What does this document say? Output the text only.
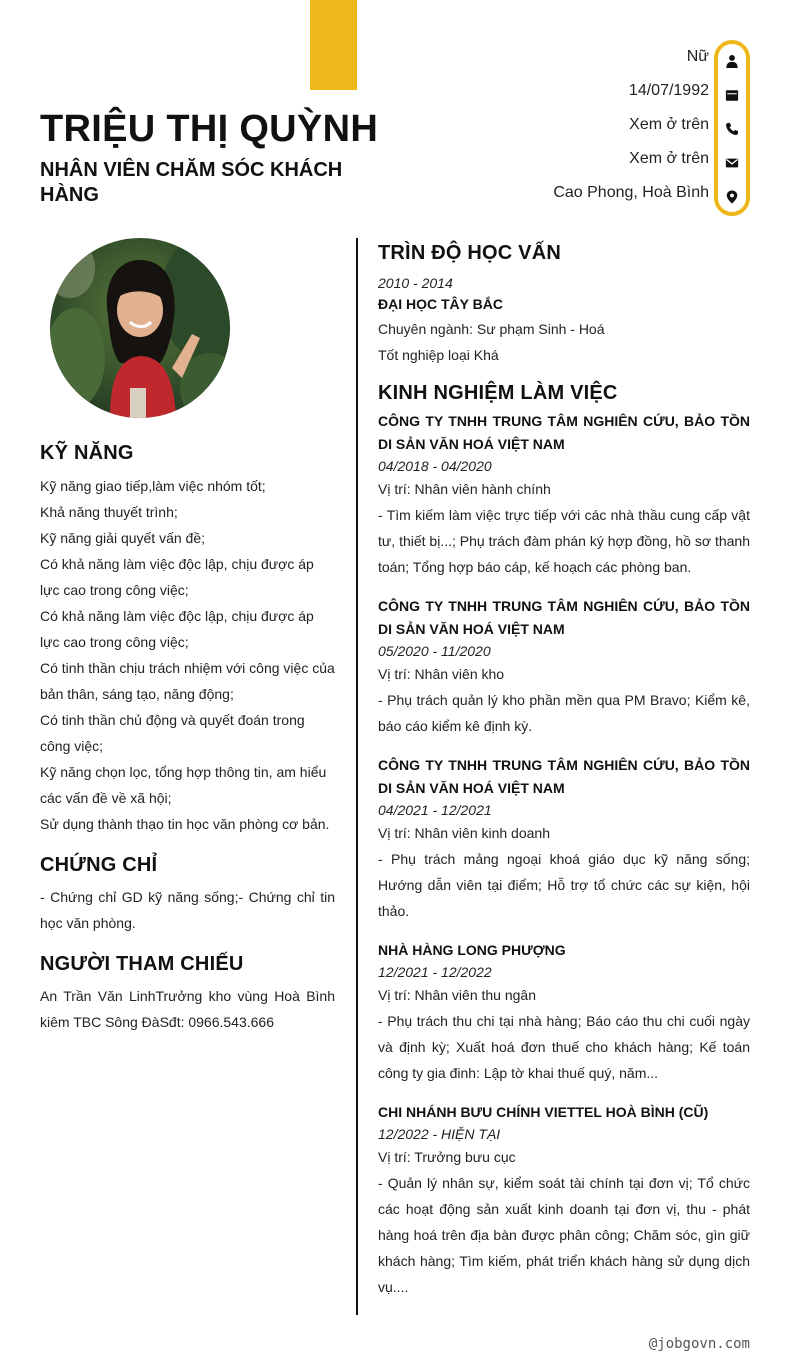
TRIỆU THỊ QUỲNH
NHÂN VIÊN CHĂM SÓC KHÁCH HÀNG
Nữ
14/07/1992
Xem ở trên
Xem ở trên
Cao Phong, Hoà Bình
KỸ NĂNG
Kỹ năng giao tiếp,làm việc nhóm tốt;
Khả năng thuyết trình;
Kỹ năng giải quyết vấn đề;
Có khả năng làm việc độc lập, chịu được áp lực cao trong công việc;
Có khả năng làm việc độc lập, chịu được áp lực cao trong công việc;
Có tinh thần chịu trách nhiệm với công việc của bản thân, sáng tạo, năng động;
Có tinh thần chủ động và quyết đoán trong công việc;
Kỹ năng chọn lọc, tổng hợp thông tin, am hiểu các vấn đề về xã hội;
Sử dụng thành thạo tin học văn phòng cơ bản.
CHỨNG CHỈ

- Chứng chỉ GD kỹ năng sống;- Chứng chỉ tin học văn phòng.

NGƯỜI THAM CHIẾU

An Trần Văn LinhTrưởng kho vùng Hoà Bình kiêm TBC Sông ĐàSđt: 0966.543.666

TRÌN ĐỘ HỌC VẤN
2010 - 2014
ĐẠI HỌC TÂY BẮC
Chuyên ngành: Sư phạm Sinh - Hoá
Tốt nghiệp loại Khá
KINH NGHIỆM LÀM VIỆC
CÔNG TY TNHH TRUNG TÂM NGHIÊN CỨU, BẢO TỒN DI SẢN VĂN HOÁ VIỆT NAM
04/2018 - 04/2020
Vị trí: Nhân viên hành chính
- Tìm kiếm làm việc trực tiếp với các nhà thầu cung cấp vật tư, thiết bị...; Phụ trách đàm phán ký hợp đồng, hồ sơ thanh toán; Tổng hợp báo cáp, kế hoạch các phòng ban.
CÔNG TY TNHH TRUNG TÂM NGHIÊN CỨU, BẢO TỒN DI SẢN VĂN HOÁ VIỆT NAM
05/2020 - 11/2020
Vị trí: Nhân viên kho
- Phụ trách quản lý kho phần mền qua PM Bravo; Kiểm kê, báo cáo kiểm kê định kỳ.
CÔNG TY TNHH TRUNG TÂM NGHIÊN CỨU, BẢO TỒN DI SẢN VĂN HOÁ VIỆT NAM
04/2021 - 12/2021
Vị trí: Nhân viên kinh doanh
- Phụ trách mảng ngoại khoá giáo dục kỹ năng sống; Hướng dẫn viên tại điểm; Hỗ trợ tổ chức các sự kiện, hội thảo.
NHÀ HÀNG LONG PHƯỢNG
12/2021 - 12/2022
Vị trí: Nhân viên thu ngân
- Phụ trách thu chi tại nhà hàng; Báo cáo thu chi cuối ngày và định kỳ; Xuất hoá đơn thuế cho khách hàng; Kế toán công ty gia đinh: Lập tờ khai thuế quý, năm...
CHI NHÁNH BƯU CHÍNH VIETTEL HOÀ BÌNH (CŨ)
12/2022 - HIỆN TẠI
Vị trí: Trưởng bưu cục
- Quản lý nhân sự, kiểm soát tài chính tại đơn vị; Tổ chức các hoạt động sản xuất kinh doanh tại đơn vị, thu - phát hàng hoá trên địa bàn được phân công; Chăm sóc, gìn giữ khách hàng; Tìm kiếm, phát triển khách hàng sử dụng dịch vụ....
@jobgovn.com
